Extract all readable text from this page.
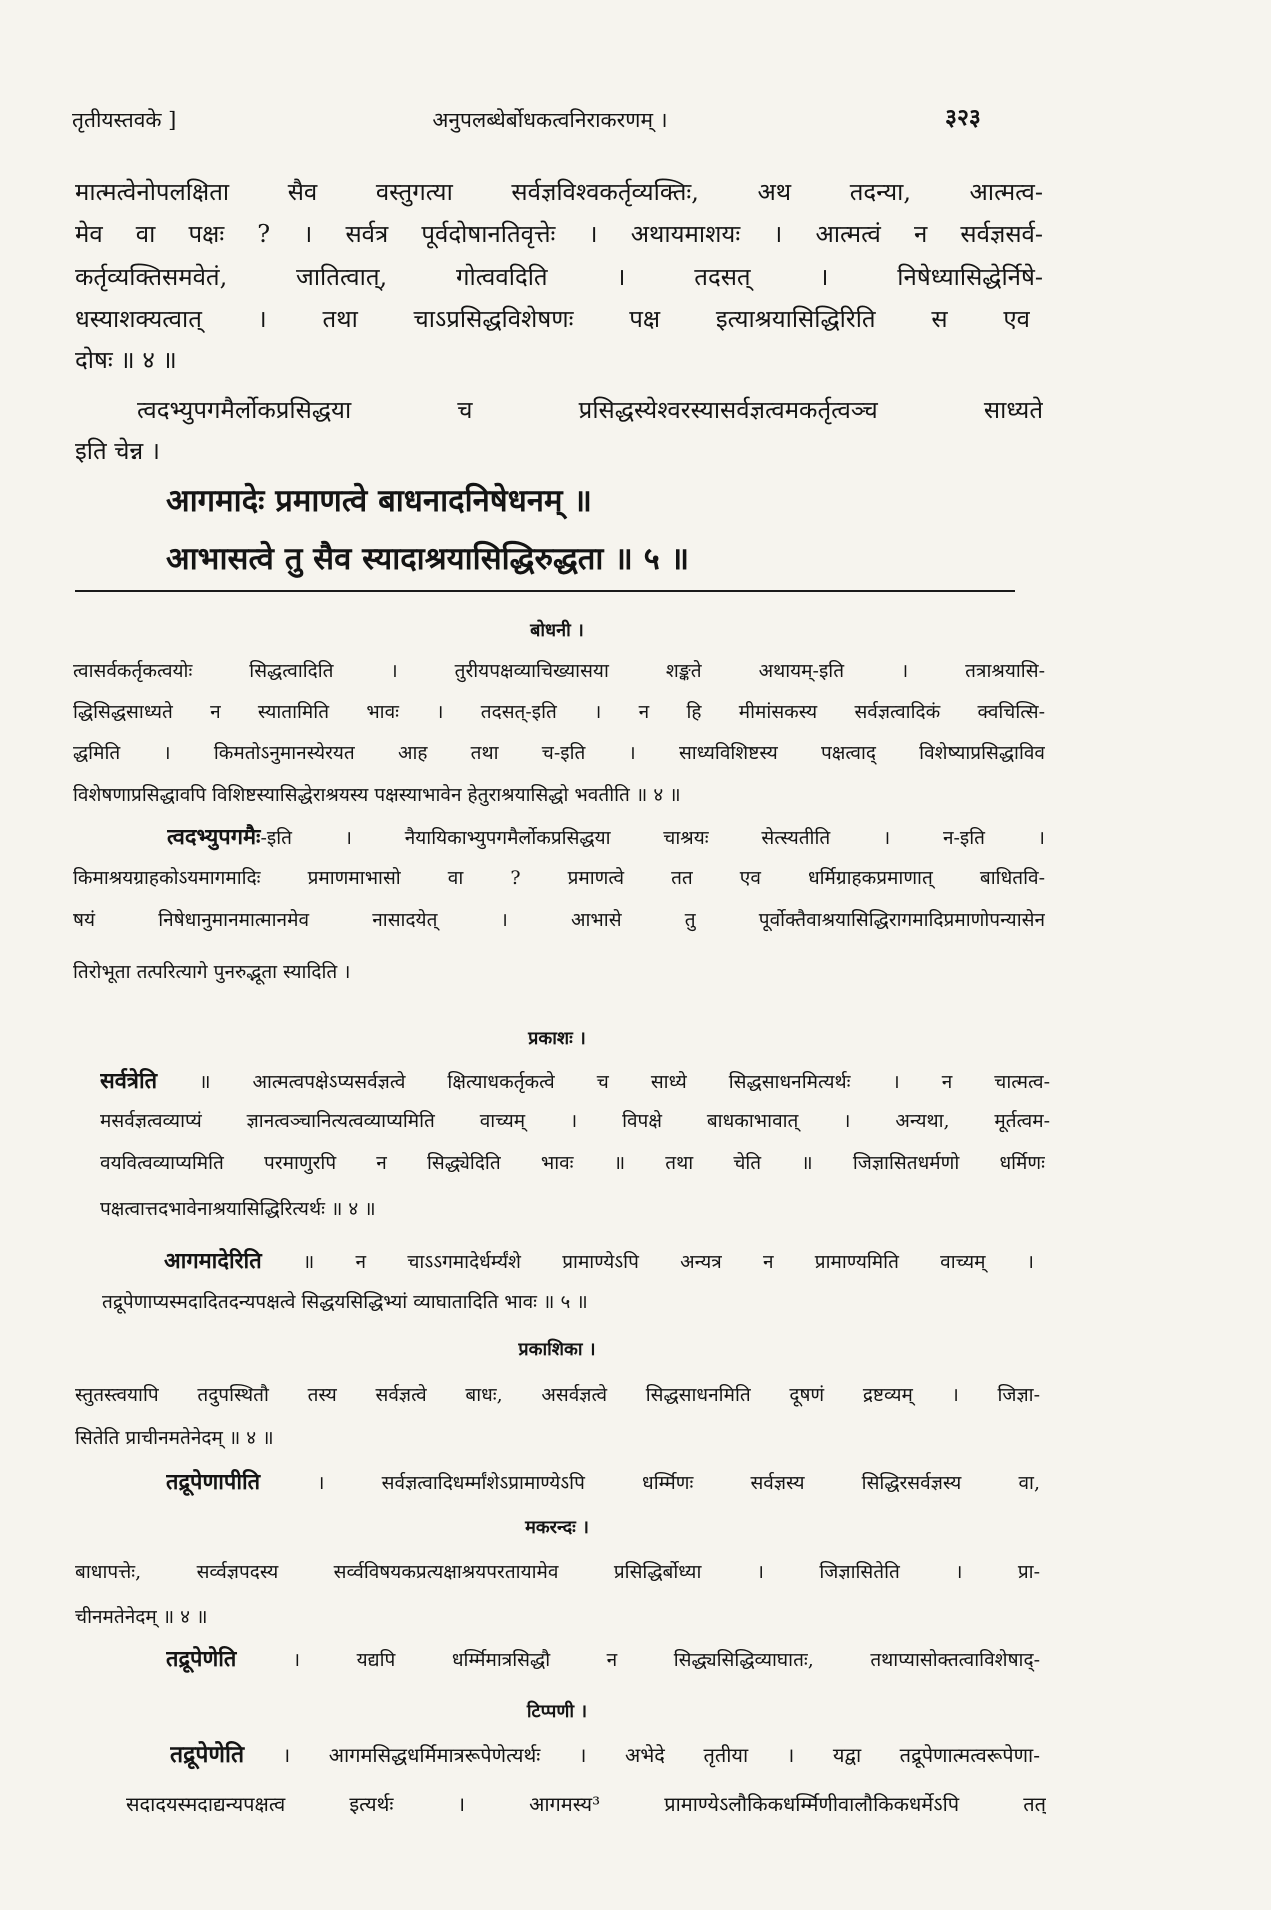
तृतीयस्तवके ]	अनुपलब्धेर्बोधकत्वनिराकरणम् ।	३२३
मात्मत्वेनोपलक्षिता सैव वस्तुगत्या सर्वज्ञविश्वकर्तृव्यक्तिः, अथ तदन्या, आत्मत्व-
मेव वा पक्षः ? । सर्वत्र पूर्वदोषानतिवृत्तेः । अथायमाशयः । आत्मत्वं न सर्वज्ञसर्व-
कर्तृव्यक्तिसमवेतं, जातित्वात्, गोत्ववदिति । तदसत् । निषेध्यासिद्धेर्निषे-
धस्याशक्यत्वात् । तथा चाऽप्रसिद्धविशेषणः पक्ष इत्याश्रयासिद्धिरिति स एव
दोषः ॥ ४ ॥
त्वदभ्युपगमैर्लोकप्रसिद्धया च प्रसिद्धस्येश्वरस्यासर्वज्ञत्वमकर्तृत्वञ्च साध्यते
इति चेन्न ।
आगमादेः प्रमाणत्वे बाधनादनिषेधनम् ॥
आभासत्वे तु सैव स्यादाश्रयासिद्धिरुद्धता ॥ ५ ॥
बोधनी ।
त्वासर्वकर्तृकत्वयोः सिद्धत्वादिति । तुरीयपक्षव्याचिख्यासया शङ्कते अथायम्-इति । तत्राश्रयासि-
द्धिसिद्धसाध्यते न स्यातामिति भावः । तदसत्-इति । न हि मीमांसकस्य सर्वज्ञत्वादिकं क्वचित्सि-
द्धमिति । किमतोऽनुमानस्येरयत आह तथा च-इति । साध्यविशिष्टस्य पक्षत्वाद् विशेष्याप्रसिद्धाविव
विशेषणाप्रसिद्धावपि विशिष्टस्यासिद्धेराश्रयस्य पक्षस्याभावेन हेतुराश्रयासिद्धो भवतीति ॥ ४ ॥
त्वदभ्युपगमैः-इति । नैयायिकाभ्युपगमैर्लोकप्रसिद्धया चाश्रयः सेत्स्यतीति । न-इति ।
किमाश्रयग्राहकोऽयमागमादिः प्रमाणमाभासो वा ? प्रमाणत्वे तत एव धर्मिग्राहकप्रमाणात् बाधितवि-
षयं निषेधानुमानमात्मानमेव नासादयेत् । आभासे तु पूर्वोक्तैवाश्रयासिद्धिरागमादिप्रमाणोपन्यासेन
तिरोभूता तत्परित्यागे पुनरुद्भूता स्यादिति ।
प्रकाशः ।
सर्वत्रेति ॥ आत्मत्वपक्षेऽप्यसर्वज्ञत्वे क्षित्याधकर्तृकत्वे च साध्ये सिद्धसाधनमित्यर्थः । न चात्मत्व-
मसर्वज्ञत्वव्याप्यं ज्ञानत्वञ्चानित्यत्वव्याप्यमिति वाच्यम् । विपक्षे बाधकाभावात् । अन्यथा, मूर्तत्वम-
वयवित्वव्याप्यमिति परमाणुरपि न सिद्ध्येदिति भावः ॥ तथा चेति ॥ जिज्ञासितधर्मणो धर्मिणः
पक्षत्वात्तदभावेनाश्रयासिद्धिरित्यर्थः ॥ ४ ॥
आगमादेरिति ॥ न चाऽऽगमादेर्धर्म्यंशे प्रामाण्येऽपि अन्यत्र न प्रामाण्यमिति वाच्यम् ।
तद्रूपेणाप्यस्मदादितदन्यपक्षत्वे सिद्धयसिद्धिभ्यां व्याघातादिति भावः ॥ ५ ॥
प्रकाशिका ।
स्तुतस्त्वयापि तदुपस्थितौ तस्य सर्वज्ञत्वे बाधः, असर्वज्ञत्वे सिद्धसाधनमिति दूषणं द्रष्टव्यम् । जिज्ञा-
सितेति प्राचीनमतेनेदम् ॥ ४ ॥
तद्रूपेणापीति । सर्वज्ञत्वादिधर्म्मांशेऽप्रामाण्येऽपि धर्म्मिणः सर्वज्ञस्य सिद्धिरसर्वज्ञस्य वा,
मकरन्दः ।
बाधापत्तेः, सर्व्वज्ञपदस्य सर्व्वविषयकप्रत्यक्षाश्रयपरतायामेव प्रसिद्धिर्बोध्या । जिज्ञासितेति । प्रा-
चीनमतेनेदम् ॥ ४ ॥
तद्रूपेणेति । यद्यपि धर्म्मिमात्रसिद्धौ न सिद्ध्यसिद्धिव्याघातः, तथाप्यासोक्तत्वाविशेषाद्-
टिप्पणी ।
तद्रूपेणेति । आगमसिद्धधर्मिमात्ररूपेणेत्यर्थः । अभेदे तृतीया । यद्वा तद्रूपेणात्मत्वरूपेणा-
सदादयस्मदाद्यन्यपक्षत्व इत्यर्थः । आगमस्य³ प्रामाण्येऽलौकिकधर्म्मिणीवालौकिकधर्मेऽपि तत्
